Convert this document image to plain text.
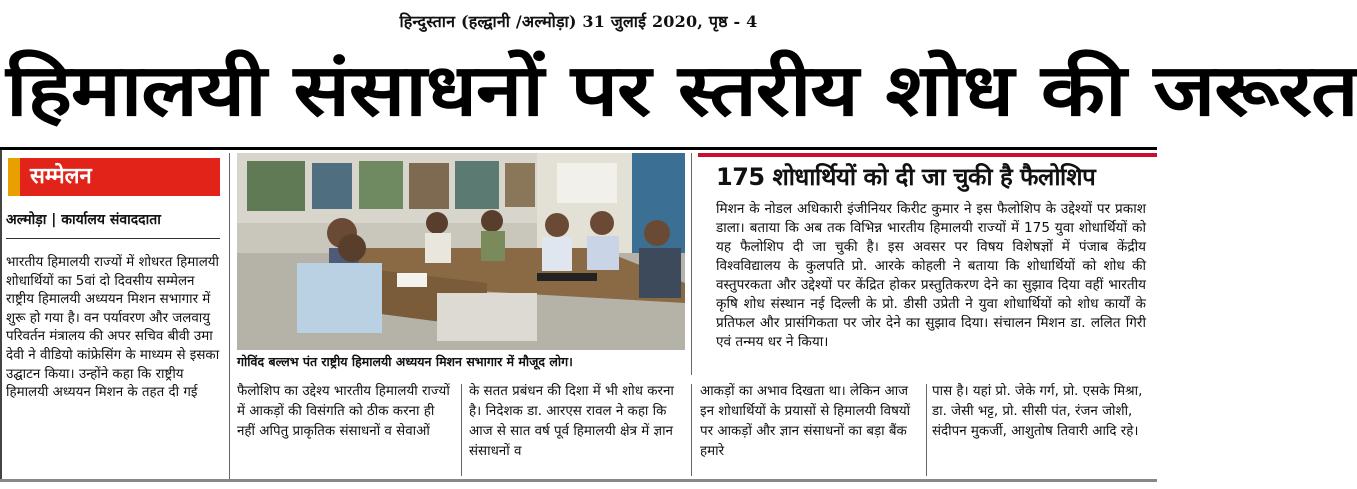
हिन्दुस्तान (हल्द्वानी /अल्मोड़ा) 31 जुलाई 2020, पृष्ठ - 4
हिमालयी संसाधनों पर स्तरीय शोध की जरूरत
सम्मेलन
अल्मोड़ा | कार्यालय संवाददाता
भारतीय हिमालयी राज्यों में शोधरत हिमालयी शोधार्थियों का 5वां दो दिवसीय सम्मेलन राष्ट्रीय हिमालयी अध्ययन मिशन सभागार में शुरू हो गया है। वन पर्यावरण और जलवायु परिवर्तन मंत्रालय की अपर सचिव बीवी उमा देवी ने वीडियो कांफ्रेसिंग के माध्यम से इसका उद्घाटन किया। उन्होंने कहा कि राष्ट्रीय हिमालयी अध्ययन मिशन के तहत दी गई
गोविंद बल्लभ पंत राष्ट्रीय हिमालयी अध्ययन मिशन सभागार में मौजूद लोग।
175 शोधार्थियों को दी जा चुकी है फैलोशिप
मिशन के नोडल अधिकारी इंजीनियर किरीट कुमार ने इस फैलोशिप के उद्देश्यों पर प्रकाश डाला। बताया कि अब तक विभिन्न भारतीय हिमालयी राज्यों में 175 युवा शोधार्थियों को यह फैलोशिप दी जा चुकी है। इस अवसर पर विषय विशेषज्ञों में पंजाब केंद्रीय विश्वविद्यालय के कुलपति प्रो. आरके कोहली ने बताया कि शोधार्थियों को शोध की वस्तुपरकता और उद्देश्यों पर केंद्रित होकर प्रस्तुतिकरण देने का सुझाव दिया वहीं भारतीय कृषि शोध संस्थान नई दिल्ली के प्रो. डीसी उप्रेती ने युवा शोधार्थियों को शोध कार्यों के प्रतिफल और प्रासंगिकता पर जोर देने का सुझाव दिया। संचालन मिशन डा. ललित गिरी एवं तन्मय धर ने किया।
फैलोशिप का उद्देश्य भारतीय हिमालयी राज्यों में आकड़ों की विसंगति को ठीक करना ही नहीं अपितु प्राकृतिक संसाधनों व सेवाओं
के सतत प्रबंधन की दिशा में भी शोध करना है। निदेशक डा. आरएस रावल ने कहा कि आज से सात वर्ष पूर्व हिमालयी क्षेत्र में ज्ञान संसाधनों व
आकड़ों का अभाव दिखता था। लेकिन आज इन शोधार्थियों के प्रयासों से हिमालयी विषयों पर आकड़ों और ज्ञान संसाधनों का बड़ा बैंक हमारे
पास है। यहां प्रो. जेके गर्ग, प्रो. एसके मिश्रा, डा. जेसी भट्ट, प्रो. सीसी पंत, रंजन जोशी, संदीपन मुकर्जी, आशुतोष तिवारी आदि रहे।
